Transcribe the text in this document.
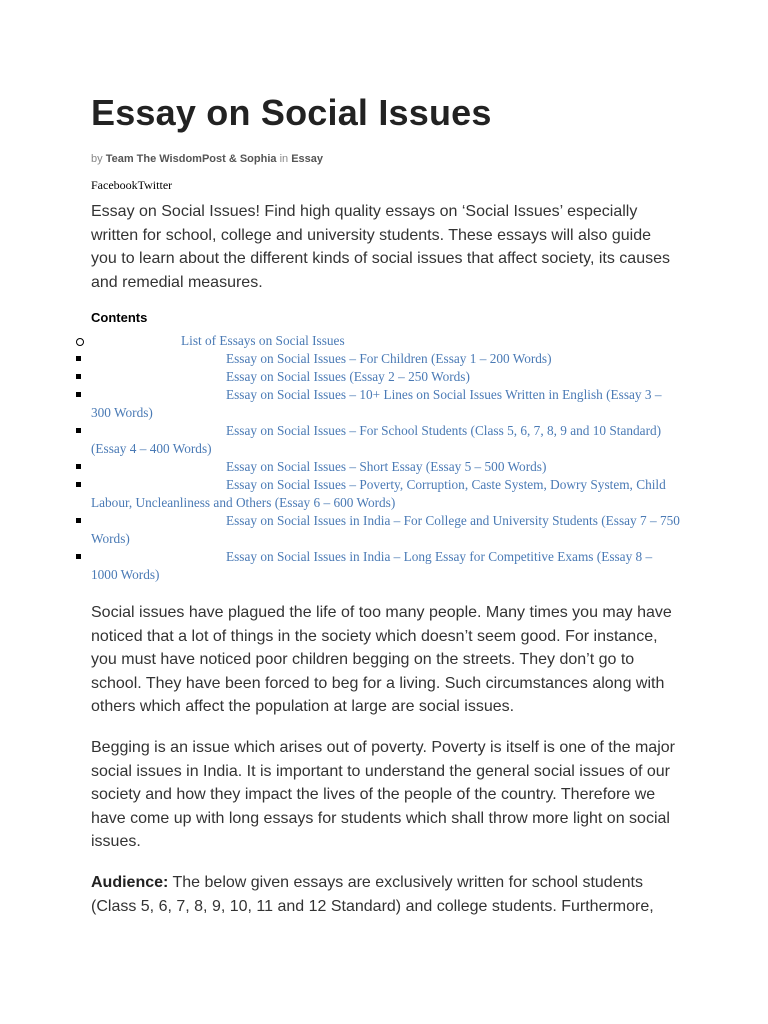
Essay on Social Issues
by Team The WisdomPost & Sophia in Essay
FacebookTwitter

Essay on Social Issues! Find high quality essays on ‘Social Issues’ especially written for school, college and university students. These essays will also guide you to learn about the different kinds of social issues that affect society, its causes and remedial measures.

Contents
List of Essays on Social Issues
Essay on Social Issues – For Children (Essay 1 – 200 Words)
Essay on Social Issues (Essay 2 – 250 Words)
Essay on Social Issues – 10+ Lines on Social Issues Written in English (Essay 3 – 300 Words)
Essay on Social Issues – For School Students (Class 5, 6, 7, 8, 9 and 10 Standard) (Essay 4 – 400 Words)
Essay on Social Issues – Short Essay (Essay 5 – 500 Words)
Essay on Social Issues – Poverty, Corruption, Caste System, Dowry System, Child Labour, Uncleanliness and Others (Essay 6 – 600 Words)
Essay on Social Issues in India – For College and University Students (Essay 7 – 750 Words)
Essay on Social Issues in India – Long Essay for Competitive Exams (Essay 8 – 1000 Words)

Social issues have plagued the life of too many people. Many times you may have noticed that a lot of things in the society which doesn’t seem good. For instance, you must have noticed poor children begging on the streets. They don’t go to school. They have been forced to beg for a living. Such circumstances along with others which affect the population at large are social issues.

Begging is an issue which arises out of poverty. Poverty is itself is one of the major social issues in India. It is important to understand the general social issues of our society and how they impact the lives of the people of the country. Therefore we have come up with long essays for students which shall throw more light on social issues.

Audience: The below given essays are exclusively written for school students (Class 5, 6, 7, 8, 9, 10, 11 and 12 Standard) and college students. Furthermore,
